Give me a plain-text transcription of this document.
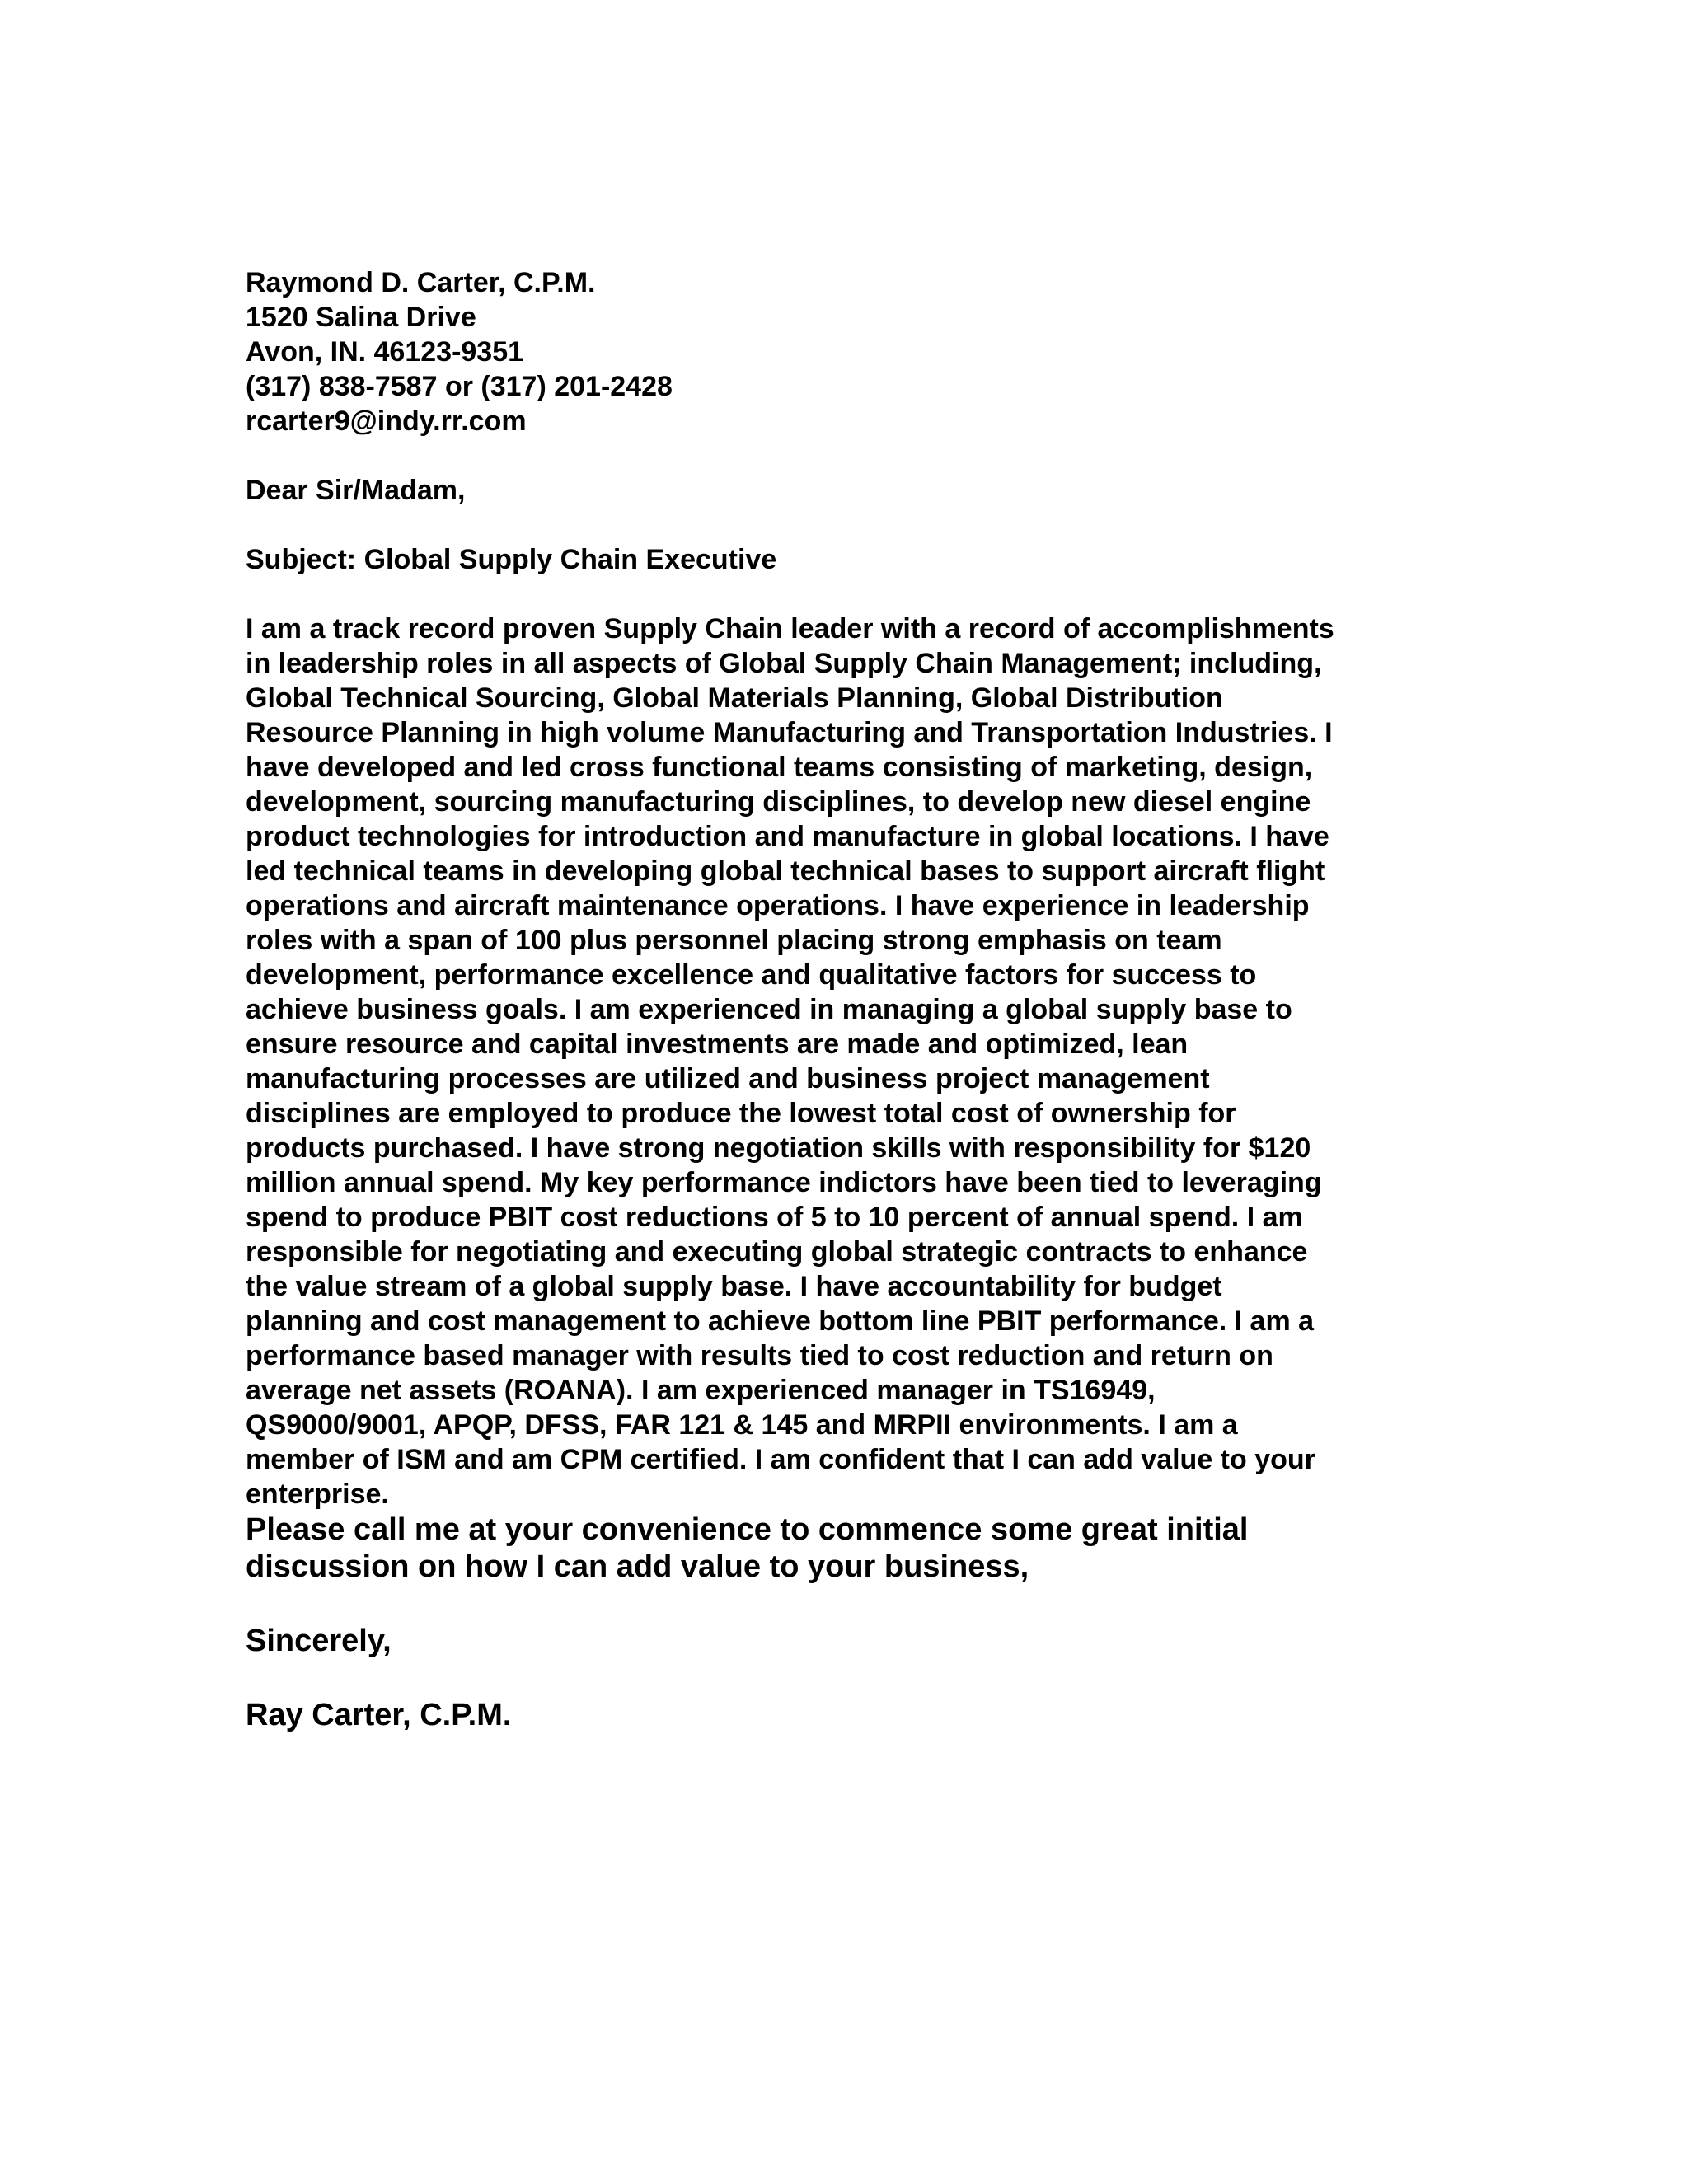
Raymond D. Carter, C.P.M.
1520 Salina Drive
Avon, IN. 46123-9351
(317) 838-7587 or (317) 201-2428
rcarter9@indy.rr.com
Dear Sir/Madam,
Subject: Global Supply Chain Executive
I am a track record proven Supply Chain leader with a record of accomplishments
in leadership roles in all aspects of Global Supply Chain Management; including,
Global Technical Sourcing, Global Materials Planning, Global Distribution
Resource Planning in high volume Manufacturing and Transportation Industries. I
have developed and led cross functional teams consisting of marketing, design,
development, sourcing manufacturing disciplines, to develop new diesel engine
product technologies for introduction and manufacture in global locations. I have
led technical teams in developing global technical bases to support aircraft flight
operations and aircraft maintenance operations. I have experience in leadership
roles with a span of 100 plus personnel placing strong emphasis on team
development, performance excellence and qualitative factors for success to
achieve business goals. I am experienced in managing a global supply base to
ensure resource and capital investments are made and optimized, lean
manufacturing processes are utilized and business project management
disciplines are employed to produce the lowest total cost of ownership for
products purchased. I have strong negotiation skills with responsibility for $120
million annual spend. My key performance indictors have been tied to leveraging
spend to produce PBIT cost reductions of 5 to 10 percent of annual spend. I am
responsible for negotiating and executing global strategic contracts to enhance
the value stream of a global supply base. I have accountability for budget
planning and cost management to achieve bottom line PBIT performance. I am a
performance based manager with results tied to cost reduction and return on
average net assets (ROANA). I am experienced manager in TS16949,
QS9000/9001, APQP, DFSS, FAR 121 & 145 and MRPII environments. I am a
member of ISM and am CPM certified. I am confident that I can add value to your
enterprise.
Please call me at your convenience to commence some great initial
discussion on how I can add value to your business,
Sincerely,
Ray Carter, C.P.M.
